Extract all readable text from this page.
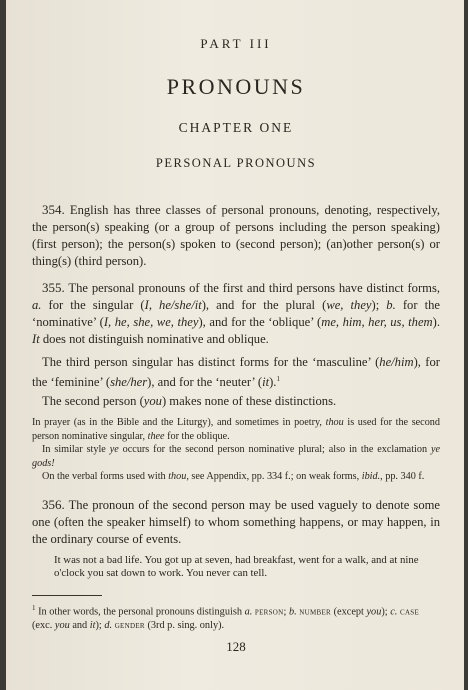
PART III

PRONOUNS

CHAPTER ONE

PERSONAL PRONOUNS

354. English has three classes of personal pronouns, denoting, respectively, the person(s) speaking (or a group of persons including the person speaking) (first person); the person(s) spoken to (second person); (an)other person(s) or thing(s) (third person).

355. The personal pronouns of the first and third persons have distinct forms, a. for the singular (I, he/she/it), and for the plural (we, they); b. for the ‘nominative’ (I, he, she, we, they), and for the ‘oblique’ (me, him, her, us, them). It does not distinguish nominative and oblique.

The third person singular has distinct forms for the ‘masculine’ (he/him), for the ‘feminine’ (she/her), and for the ‘neuter’ (it).$^1$

The second person (you) makes none of these distinctions.

In prayer (as in the Bible and the Liturgy), and sometimes in poetry, thou is used for the second person nominative singular, thee for the oblique.

In similar style ye occurs for the second person nominative plural; also in the exclamation ye gods!

On the verbal forms used with thou, see Appendix, pp. 334 f.; on weak forms, ibid., pp. 340 f.

356. The pronoun of the second person may be used vaguely to denote some one (often the speaker himself) to whom something happens, or may happen, in the ordinary course of events.

It was not a bad life. You got up at seven, had breakfast, went for a walk, and at nine o'clock you sat down to work. You never can tell.

$^1$ In other words, the personal pronouns distinguish a. person; b. number (except you); c. case (exc. you and it); d. gender (3rd p. sing. only).

128
